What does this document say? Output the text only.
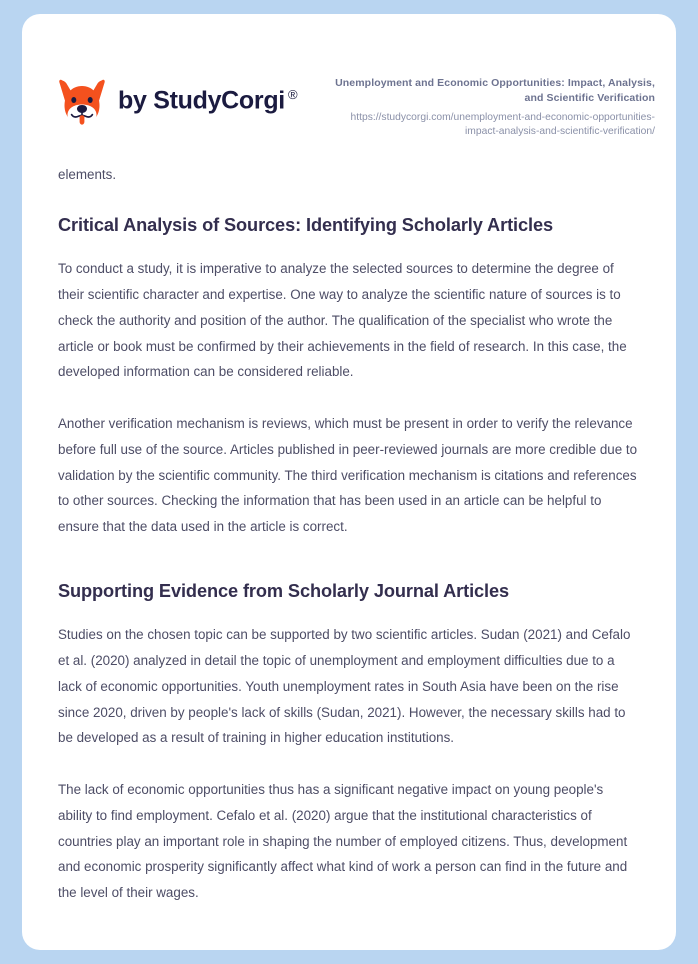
by StudyCorgi ®
Unemployment and Economic Opportunities: Impact, Analysis, and Scientific Verification
https://studycorgi.com/unemployment-and-economic-opportunities-impact-analysis-and-scientific-verification/
elements.
Critical Analysis of Sources: Identifying Scholarly Articles

To conduct a study, it is imperative to analyze the selected sources to determine the degree of their scientific character and expertise. One way to analyze the scientific nature of sources is to check the authority and position of the author. The qualification of the specialist who wrote the article or book must be confirmed by their achievements in the field of research. In this case, the developed information can be considered reliable.

Another verification mechanism is reviews, which must be present in order to verify the relevance before full use of the source. Articles published in peer-reviewed journals are more credible due to validation by the scientific community. The third verification mechanism is citations and references to other sources. Checking the information that has been used in an article can be helpful to ensure that the data used in the article is correct.

Supporting Evidence from Scholarly Journal Articles

Studies on the chosen topic can be supported by two scientific articles. Sudan (2021) and Cefalo et al. (2020) analyzed in detail the topic of unemployment and employment difficulties due to a lack of economic opportunities. Youth unemployment rates in South Asia have been on the rise since 2020, driven by people's lack of skills (Sudan, 2021). However, the necessary skills had to be developed as a result of training in higher education institutions.

The lack of economic opportunities thus has a significant negative impact on young people's ability to find employment. Cefalo et al. (2020) argue that the institutional characteristics of countries play an important role in shaping the number of employed citizens. Thus, development and economic prosperity significantly affect what kind of work a person can find in the future and the level of their wages.
